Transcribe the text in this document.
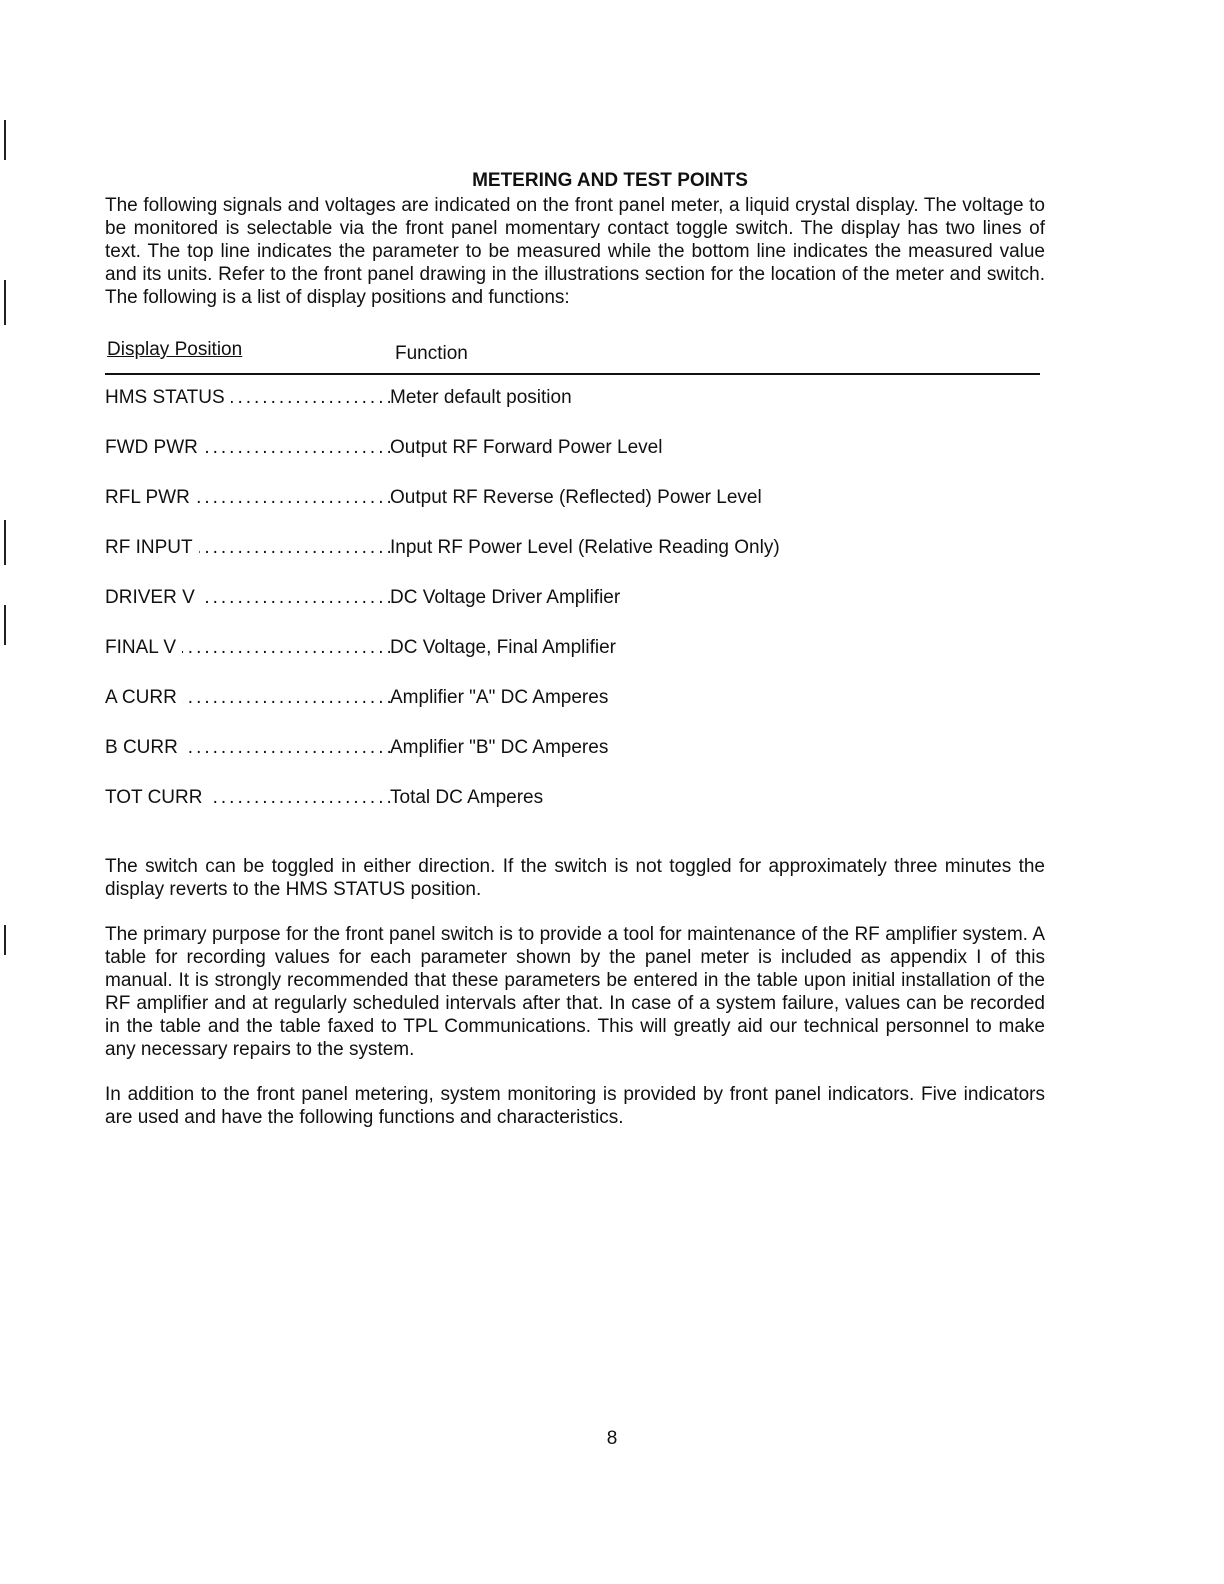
METERING AND TEST POINTS

The following signals and voltages are indicated on the front panel meter, a liquid crystal display. The voltage to be monitored is selectable via the front panel momentary contact toggle switch. The display has two lines of text. The top line indicates the parameter to be measured while the bottom line indicates the measured value and its units. Refer to the front panel drawing in the illustrations section for the location of the meter and switch. The following is a list of display positions and functions:

Display Position	Function
HMS STATUS .....	Meter default position
FWD PWR .....	Output RF Forward Power Level
RFL PWR .....	Output RF Reverse (Reflected) Power Level
RF INPUT .....	Input RF Power Level (Relative Reading Only)
DRIVER V .....	DC Voltage Driver Amplifier
FINAL V .....	DC Voltage, Final Amplifier
A CURR .....	Amplifier "A" DC Amperes
B CURR .....	Amplifier "B" DC Amperes
TOT CURR .....	Total DC Amperes

The switch can be toggled in either direction. If the switch is not toggled for approximately three minutes the display reverts to the HMS STATUS position.

The primary purpose for the front panel switch is to provide a tool for maintenance of the RF amplifier system. A table for recording values for each parameter shown by the panel meter is included as appendix I of this manual. It is strongly recommended that these parameters be entered in the table upon initial installation of the RF amplifier and at regularly scheduled intervals after that. In case of a system failure, values can be recorded in the table and the table faxed to TPL Communications. This will greatly aid our technical personnel to make any necessary repairs to the system.

In addition to the front panel metering, system monitoring is provided by front panel indicators. Five indicators are used and have the following functions and characteristics.

8
